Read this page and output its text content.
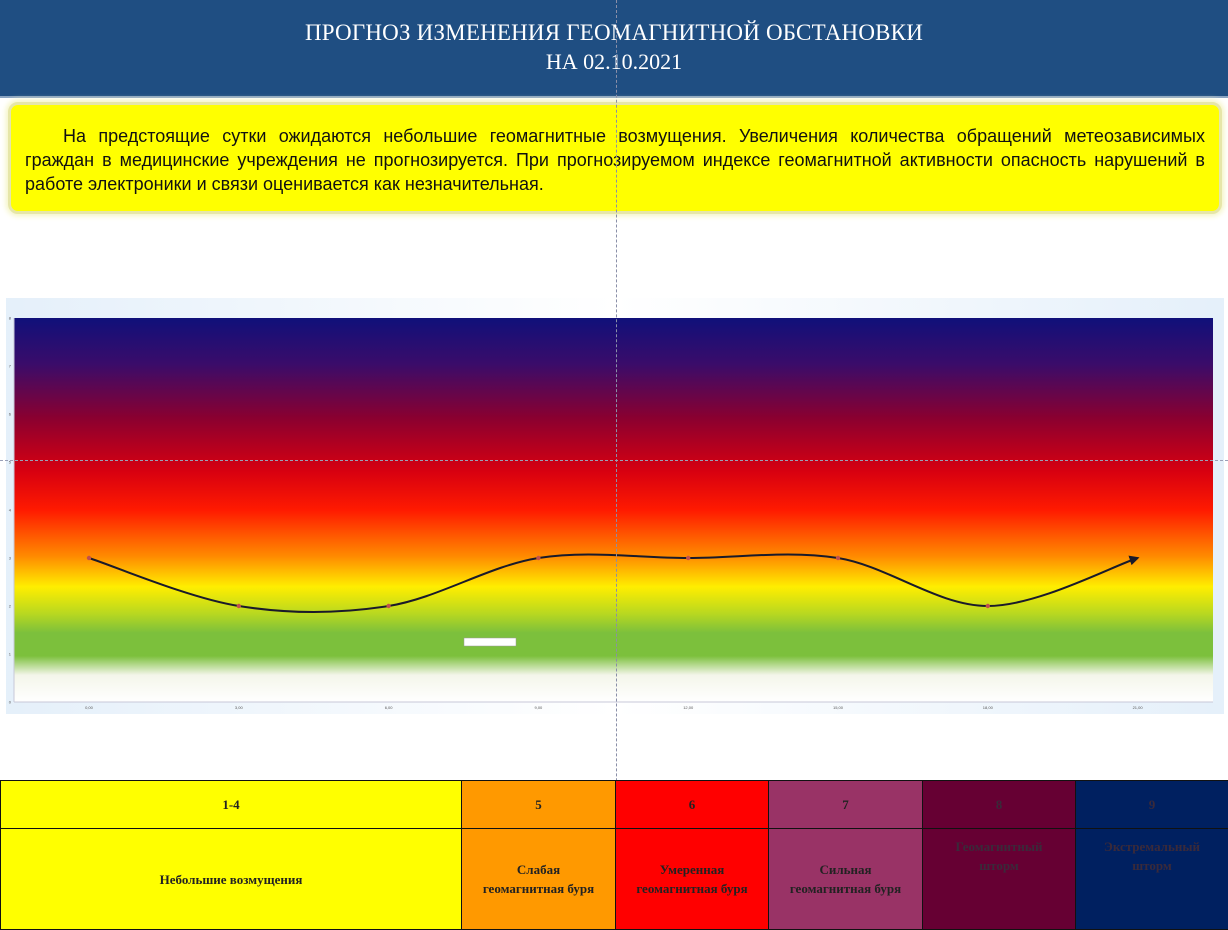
ПРОГНОЗ ИЗМЕНЕНИЯ ГЕОМАГНИТНОЙ ОБСТАНОВКИ
НА 02.10.2021
На предстоящие сутки ожидаются небольшие геомагнитные возмущения. Увеличения количества обращений метеозависимых граждан в медицинские учреждения не прогнозируется. При прогнозируемом индексе геомагнитной активности опасность нарушений в работе электроники и связи оценивается как незначительная.
0
1
2
3
4
5
6
7
8
0,00	3,00	6,00	9,00	12,00	15,00	18,00	21,00
1-4	5	6	7	8	9
Небольшие возмущения	Слабая геомагнитная буря	Умеренная геомагнитная буря	Сильная геомагнитная буря	Геомагнитный шторм	Экстремальный шторм
